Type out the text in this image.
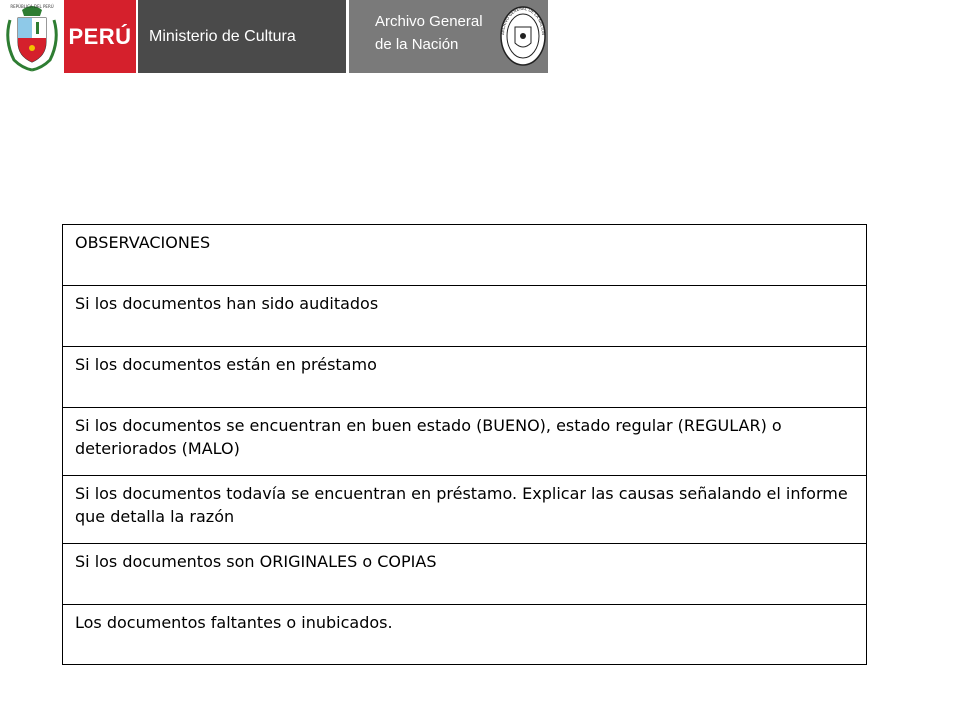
REPÚBLICA DEL PERÚ
PERÚ Ministerio de Cultura
Archivo General
de la Nación
ARCHIVO GENERAL DE LA NACIÓN
OBSERVACIONES
Si los documentos han sido auditados
Si los documentos están en préstamo
Si los documentos se encuentran en buen estado (BUENO), estado regular (REGULAR) o deteriorados (MALO)
Si los documentos todavía se encuentran en préstamo. Explicar las causas señalando el informe que detalla la razón
Si los documentos son ORIGINALES o COPIAS
Los documentos faltantes o inubicados.
